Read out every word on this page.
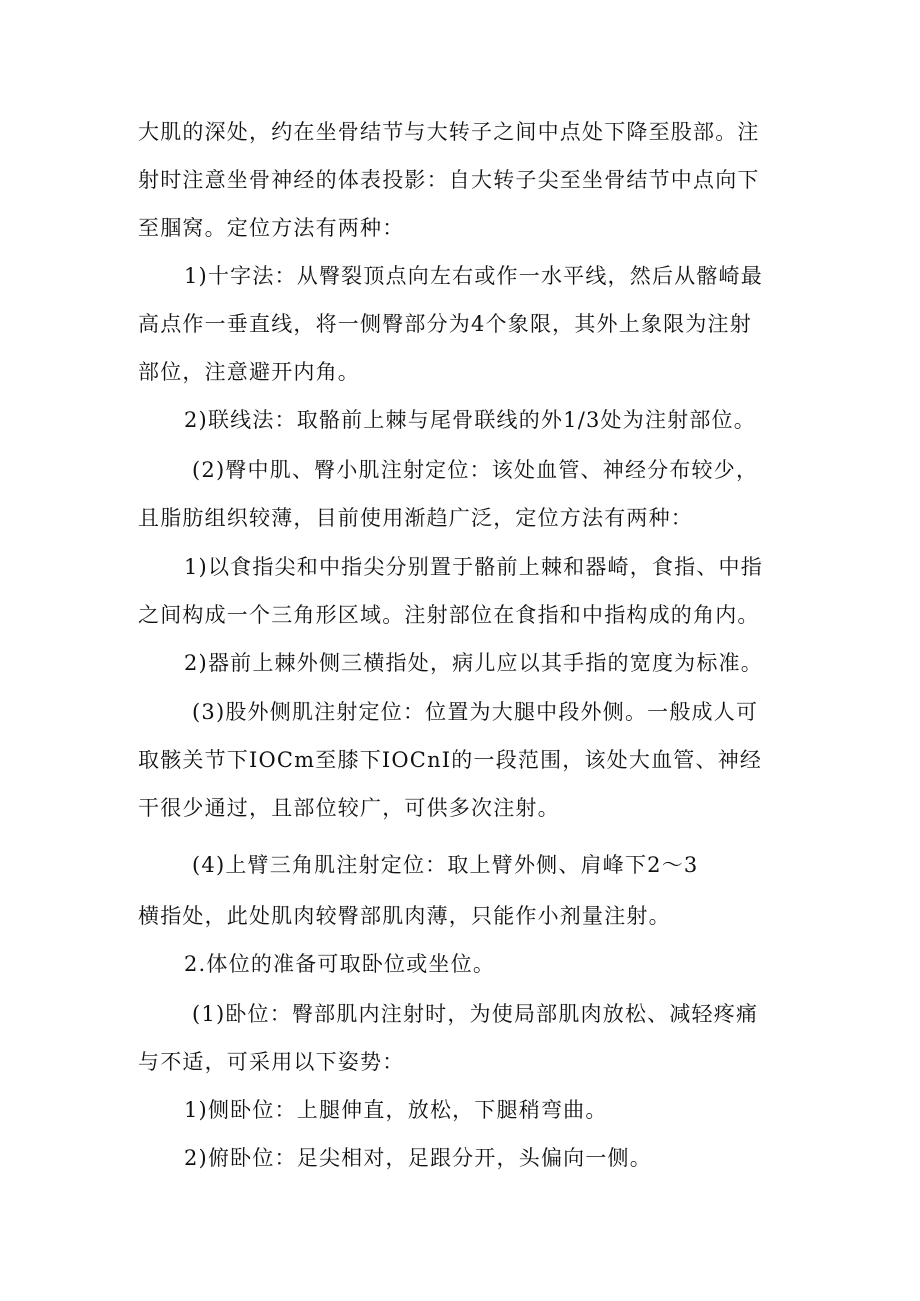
大肌的深处，约在坐骨结节与大转子之间中点处下降至股部。注
射时注意坐骨神经的体表投影：自大转子尖至坐骨结节中点向下
至腘窝。定位方法有两种：
1)十字法：从臀裂顶点向左右或作一水平线，然后从髂崎最
高点作一垂直线，将一侧臀部分为4个象限，其外上象限为注射
部位，注意避开内角。
2)联线法：取骼前上棘与尾骨联线的外1/3处为注射部位。
(2)臀中肌、臀小肌注射定位：该处血管、神经分布较少，
且脂肪组织较薄，目前使用渐趋广泛，定位方法有两种：
1)以食指尖和中指尖分别置于骼前上棘和器崎，食指、中指
之间构成一个三角形区域。注射部位在食指和中指构成的角内。
2)器前上棘外侧三横指处，病儿应以其手指的宽度为标准。
(3)股外侧肌注射定位：位置为大腿中段外侧。一般成人可
取骸关节下IOCm至膝下IOCnI的一段范围，该处大血管、神经
干很少通过，且部位较广，可供多次注射。
(4)上臂三角肌注射定位：取上臂外侧、肩峰下2～3
横指处，此处肌肉较臀部肌肉薄，只能作小剂量注射。
2.体位的准备可取卧位或坐位。
(1)卧位：臀部肌内注射时，为使局部肌肉放松、减轻疼痛
与不适，可采用以下姿势：
1)侧卧位：上腿伸直，放松，下腿稍弯曲。
2)俯卧位：足尖相对，足跟分开，头偏向一侧。
